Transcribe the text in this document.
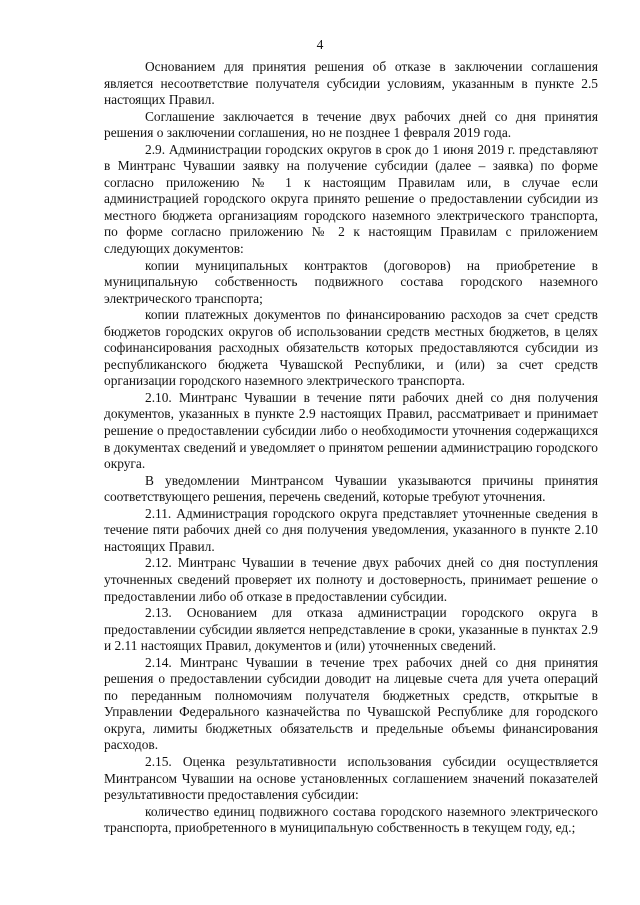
4

Основанием для принятия решения об отказе в заключении соглашения является несоответствие получателя субсидии условиям, указанным в пункте 2.5 настоящих Правил.

Соглашение заключается в течение двух рабочих дней со дня принятия решения о заключении соглашения, но не позднее 1 февраля 2019 года.

2.9. Администрации городских округов в срок до 1 июня 2019 г. представляют в Минтранс Чувашии заявку на получение субсидии (далее – заявка) по форме согласно приложению № 1 к настоящим Правилам или, в случае если администрацией городского округа принято решение о предоставлении субсидии из местного бюджета организациям городского наземного электрического транспорта, по форме согласно приложению № 2 к настоящим Правилам с приложением следующих документов:

копии муниципальных контрактов (договоров) на приобретение в муниципальную собственность подвижного состава городского наземного электрического транспорта;

копии платежных документов по финансированию расходов за счет средств бюджетов городских округов об использовании средств местных бюджетов, в целях софинансирования расходных обязательств которых предоставляются субсидии из республиканского бюджета Чувашской Республики, и (или) за счет средств организации городского наземного электрического транспорта.

2.10. Минтранс Чувашии в течение пяти рабочих дней со дня получения документов, указанных в пункте 2.9 настоящих Правил, рассматривает и принимает решение о предоставлении субсидии либо о необходимости уточнения содержащихся в документах сведений и уведомляет о принятом решении администрацию городского округа.

В уведомлении Минтрансом Чувашии указываются причины принятия соответствующего решения, перечень сведений, которые требуют уточнения.

2.11. Администрация городского округа представляет уточненные сведения в течение пяти рабочих дней со дня получения уведомления, указанного в пункте 2.10 настоящих Правил.

2.12. Минтранс Чувашии в течение двух рабочих дней со дня поступления уточненных сведений проверяет их полноту и достоверность, принимает решение о предоставлении либо об отказе в предоставлении субсидии.

2.13. Основанием для отказа администрации городского округа в предоставлении субсидии является непредставление в сроки, указанные в пунктах 2.9 и 2.11 настоящих Правил, документов и (или) уточненных сведений.

2.14. Минтранс Чувашии в течение трех рабочих дней со дня принятия решения о предоставлении субсидии доводит на лицевые счета для учета операций по переданным полномочиям получателя бюджетных средств, открытые в Управлении Федерального казначейства по Чувашской Республике для городского округа, лимиты бюджетных обязательств и предельные объемы финансирования расходов.

2.15. Оценка результативности использования субсидии осуществляется Минтрансом Чувашии на основе установленных соглашением значений показателей результативности предоставления субсидии:

количество единиц подвижного состава городского наземного электрического транспорта, приобретенного в муниципальную собственность в текущем году, ед.;
